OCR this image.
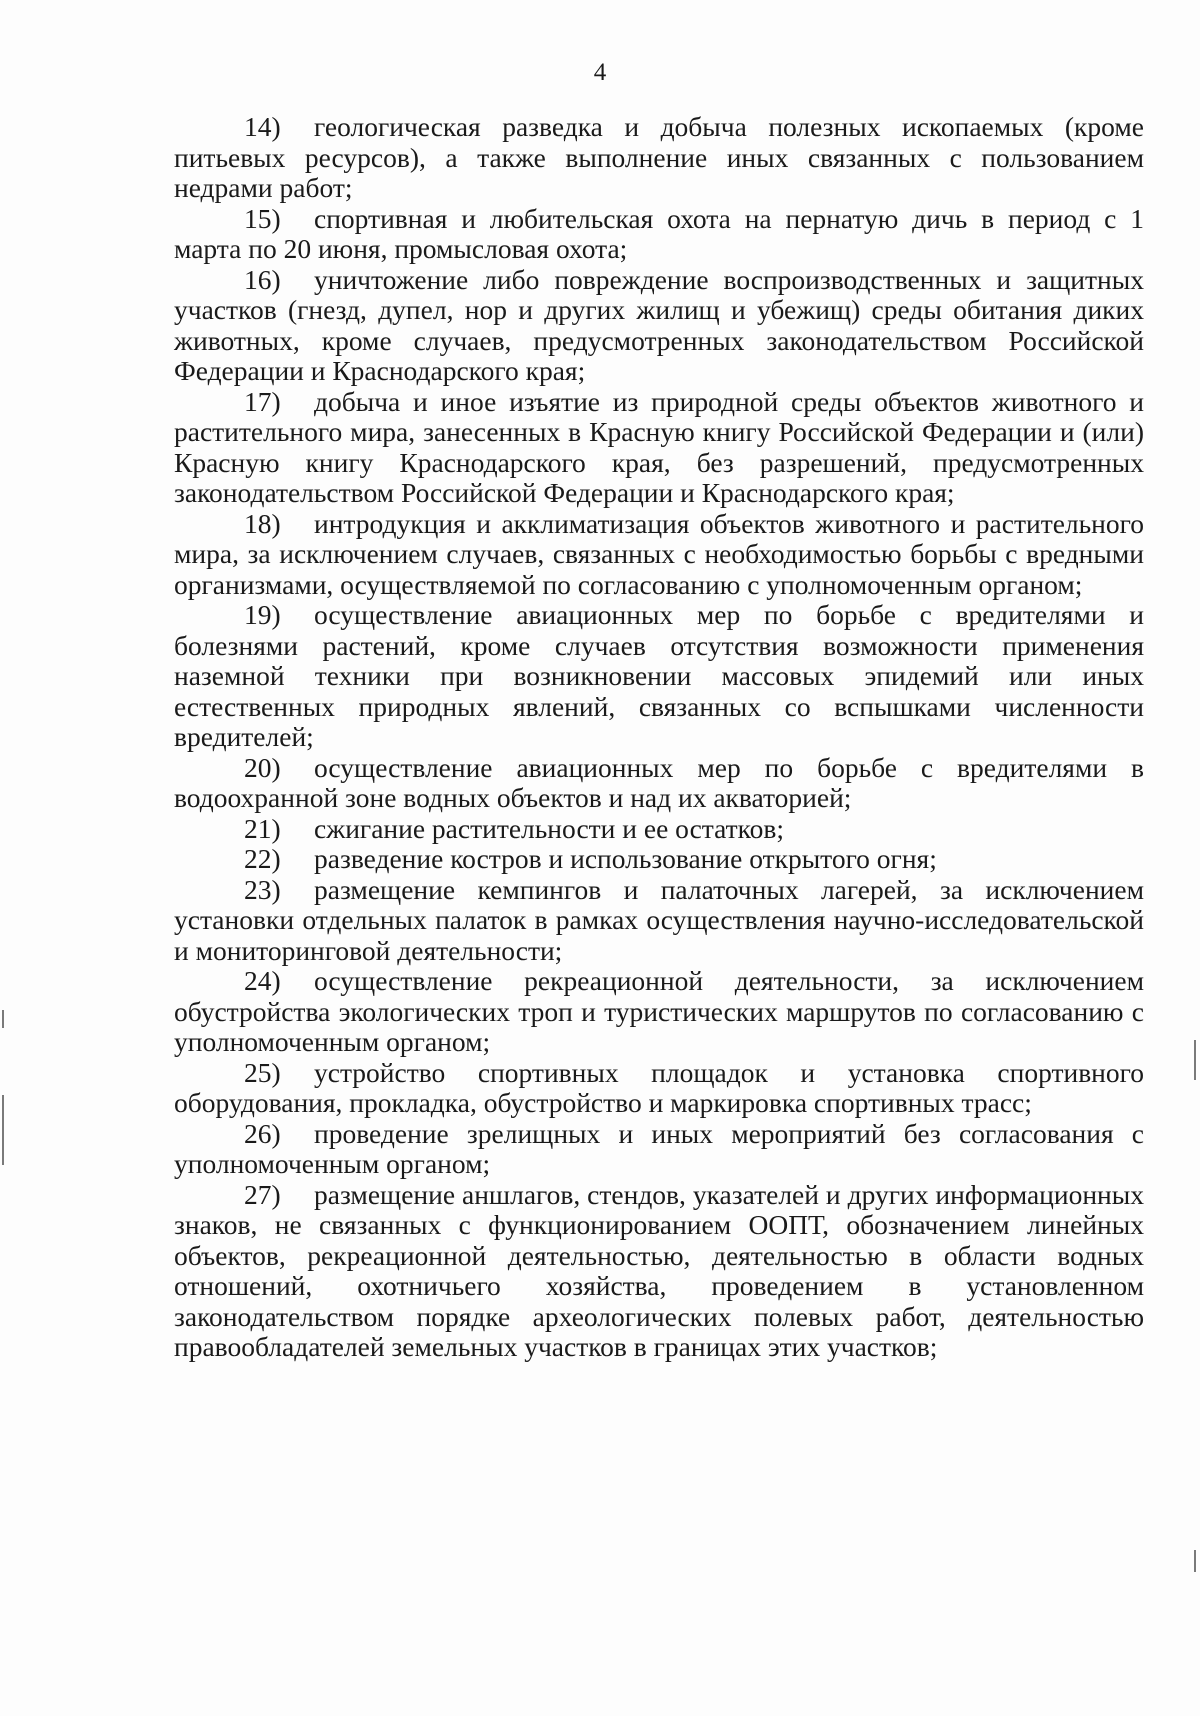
4

14) геологическая разведка и добыча полезных ископаемых (кроме питьевых ресурсов), а также выполнение иных связанных с пользованием недрами работ;

15) спортивная и любительская охота на пернатую дичь в период с 1 марта по 20 июня, промысловая охота;

16) уничтожение либо повреждение воспроизводственных и защитных участков (гнезд, дупел, нор и других жилищ и убежищ) среды обитания диких животных, кроме случаев, предусмотренных законодательством Российской Федерации и Краснодарского края;

17) добыча и иное изъятие из природной среды объектов животного и растительного мира, занесенных в Красную книгу Российской Федерации и (или) Красную книгу Краснодарского края, без разрешений, предусмотренных законодательством Российской Федерации и Краснодарского края;

18) интродукция и акклиматизация объектов животного и растительного мира, за исключением случаев, связанных с необходимостью борьбы с вредными организмами, осуществляемой по согласованию с уполномоченным органом;

19) осуществление авиационных мер по борьбе с вредителями и болезнями растений, кроме случаев отсутствия возможности применения наземной техники при возникновении массовых эпидемий или иных естественных природных явлений, связанных со вспышками численности вредителей;

20) осуществление авиационных мер по борьбе с вредителями в водоохранной зоне водных объектов и над их акваторией;

21) сжигание растительности и ее остатков;

22) разведение костров и использование открытого огня;

23) размещение кемпингов и палаточных лагерей, за исключением установки отдельных палаток в рамках осуществления научно-исследовательской и мониторинговой деятельности;

24) осуществление рекреационной деятельности, за исключением обустройства экологических троп и туристических маршрутов по согласованию с уполномоченным органом;

25) устройство спортивных площадок и установка спортивного оборудования, прокладка, обустройство и маркировка спортивных трасс;

26) проведение зрелищных и иных мероприятий без согласования с уполномоченным органом;

27) размещение аншлагов, стендов, указателей и других информационных знаков, не связанных с функционированием ООПТ, обозначением линейных объектов, рекреационной деятельностью, деятельностью в области водных отношений, охотничьего хозяйства, проведением в установленном законодательством порядке археологических полевых работ, деятельностью правообладателей земельных участков в границах этих участков;
